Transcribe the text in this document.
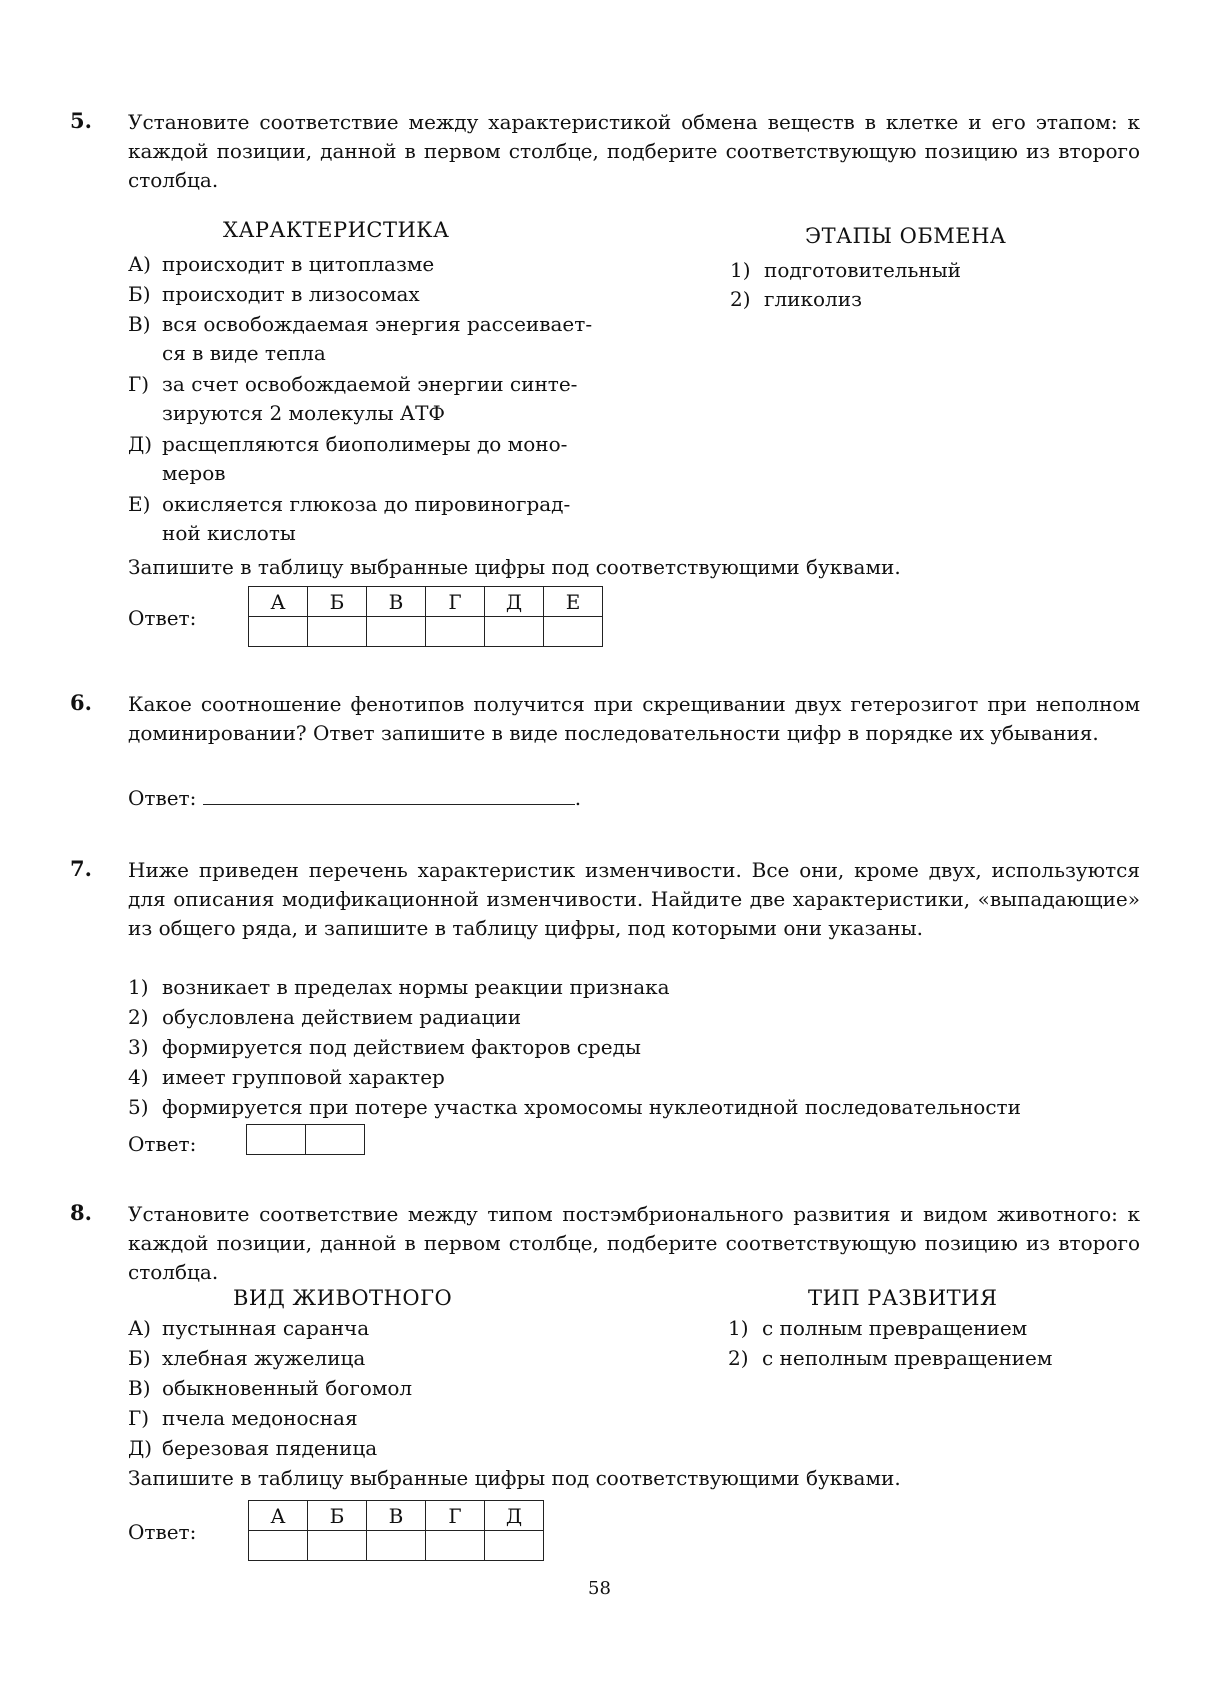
5. Установите соответствие между характеристикой обмена веществ в клетке и его этапом: к каждой позиции, данной в первом столбце, подберите соответствующую позицию из второго столбца.

ХАРАКТЕРИСТИКА	ЭТАПЫ ОБМЕНА
А) происходит в цитоплазме
Б) происходит в лизосомах
В) вся освобождаемая энергия рассеивает-
ся в виде тепла
Г) за счет освобождаемой энергии синте-
зируются 2 молекулы АТФ
Д) расщепляются биополимеры до моно-
меров
Е) окисляется глюкоза до пировиноград-
ной кислоты
1) подготовительный
2) гликолиз
Запишите в таблицу выбранные цифры под соответствующими буквами.
Ответ:
А	Б	В	Г	Д	Е

6. Какое соотношение фенотипов получится при скрещивании двух гетерозигот при неполном доминировании? Ответ запишите в виде последовательности цифр в порядке их убывания.

Ответ:	.
7. Ниже приведен перечень характеристик изменчивости. Все они, кроме двух, используются для описания модификационной изменчивости. Найдите две характеристики, «выпадающие» из общего ряда, и запишите в таблицу цифры, под которыми они указаны.

1) возникает в пределах нормы реакции признака
2) обусловлена действием радиации
3) формируется под действием факторов среды
4) имеет групповой характер
5) формируется при потере участка хромосомы нуклеотидной последовательности
Ответ:

8. Установите соответствие между типом постэмбрионального развития и видом животного: к каждой позиции, данной в первом столбце, подберите соответствующую позицию из второго столбца.

ВИД ЖИВОТНОГО	ТИП РАЗВИТИЯ
А) пустынная саранча
Б) хлебная жужелица
В) обыкновенный богомол
Г) пчела медоносная
Д) березовая пяденица
1) с полным превращением
2) с неполным превращением
Запишите в таблицу выбранные цифры под соответствующими буквами.
Ответ:
А	Б	В	Г	Д

58
